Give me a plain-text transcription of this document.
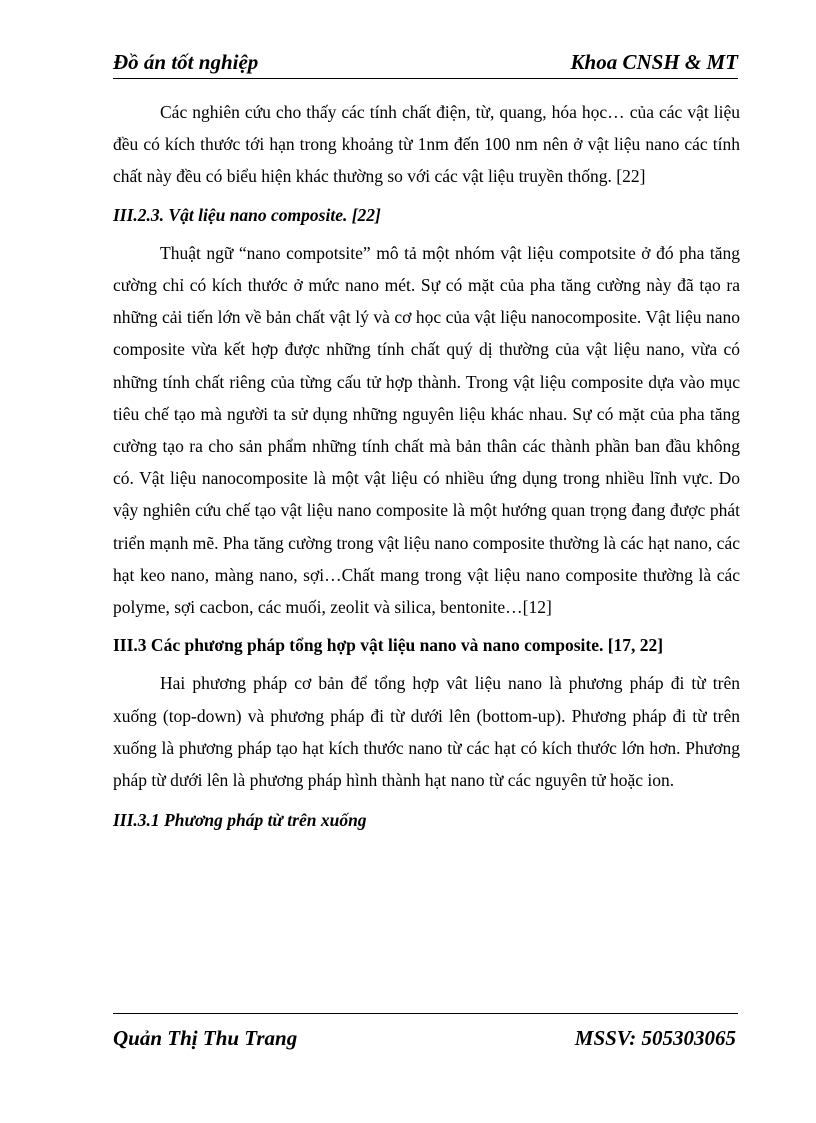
Đồ án tốt nghiệp	Khoa CNSH & MT

Các nghiên cứu cho thấy các tính chất điện, từ, quang, hóa học… của các vật liệu đều có kích thước tới hạn trong khoảng từ 1nm đến 100 nm nên ở vật liệu nano các tính chất này đều có biểu hiện khác thường so với các vật liệu truyền thống. [22]

III.2.3. Vật liệu nano composite. [22]

Thuật ngữ “nano compotsite” mô tả một nhóm vật liệu compotsite ở đó pha tăng cường chỉ có kích thước ở mức nano mét. Sự có mặt của pha tăng cường này đã tạo ra những cải tiến lớn về bản chất vật lý và cơ học của vật liệu nanocomposite. Vật liệu nano composite vừa kết hợp được những tính chất quý dị thường của vật liệu nano, vừa có những tính chất riêng của từng cấu tử hợp thành. Trong vật liệu composite dựa vào mục tiêu chế tạo mà người ta sử dụng những nguyên liệu khác nhau. Sự có mặt của pha tăng cường tạo ra cho sản phẩm những tính chất mà bản thân các thành phần ban đầu không có. Vật liệu nanocomposite là một vật liệu có nhiều ứng dụng trong nhiều lĩnh vực. Do vậy nghiên cứu chế tạo vật liệu nano composite là một hướng quan trọng đang được phát triển mạnh mẽ. Pha tăng cường trong vật liệu nano composite thường là các hạt nano, các hạt keo nano, màng nano, sợi…Chất mang trong vật liệu nano composite thường là các polyme, sợi cacbon, các muối, zeolit và silica, bentonite…[12]

III.3 Các phương pháp tổng hợp vật liệu nano và nano composite. [17, 22]

Hai phương pháp cơ bản để tổng hợp vât liệu nano là phương pháp đi từ trên xuống (top-down) và phương pháp đi từ dưới lên (bottom-up). Phương pháp đi từ trên xuống là phương pháp tạo hạt kích thước nano từ các hạt có kích thước lớn hơn. Phương pháp từ dưới lên là phương pháp hình thành hạt nano từ các nguyên tử hoặc ion.

III.3.1 Phương pháp từ trên xuống

Quản Thị Thu Trang	MSSV: 505303065
